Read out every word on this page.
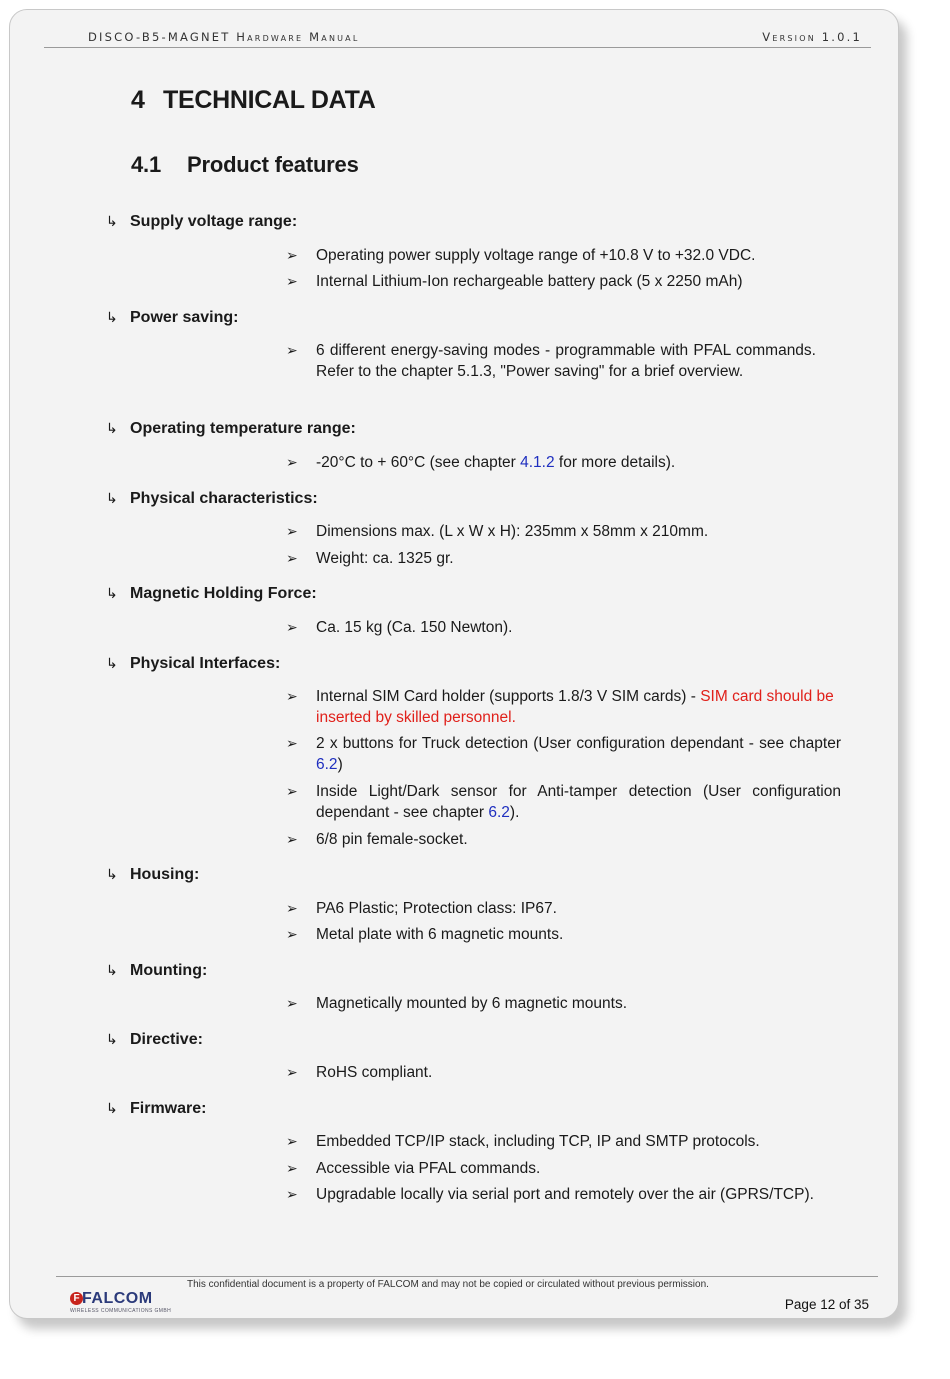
DISCO-B5-MAGNET Hardware Manual	Version 1.0.1
4 TECHNICAL DATA
4.1 Product features
↳ Supply voltage range:
➢ Operating power supply voltage range of +10.8 V to +32.0 VDC.
➢ Internal Lithium-Ion rechargeable battery pack (5 x 2250 mAh)
↳ Power saving:
➢ 6 different energy-saving modes - programmable with PFAL commands. Refer to the chapter 5.1.3, "Power saving" for a brief overview.
↳ Operating temperature range:
➢ -20°C to + 60°C (see chapter 4.1.2 for more details).
↳ Physical characteristics:
➢ Dimensions max. (L x W x H): 235mm x 58mm x 210mm.
➢ Weight: ca. 1325 gr.
↳ Magnetic Holding Force:
➢ Ca. 15 kg (Ca. 150 Newton).
↳ Physical Interfaces:
➢ Internal SIM Card holder (supports 1.8/3 V SIM cards) - SIM card should be inserted by skilled personnel.
➢ 2 x buttons for Truck detection (User configuration dependant - see chapter 6.2)
➢ Inside Light/Dark sensor for Anti-tamper detection (User configuration dependant - see chapter 6.2).
➢ 6/8 pin female-socket.
↳ Housing:
➢ PA6 Plastic; Protection class: IP67.
➢ Metal plate with 6 magnetic mounts.
↳ Mounting:
➢ Magnetically mounted by 6 magnetic mounts.
↳ Directive:
➢ RoHS compliant.
↳ Firmware:
➢ Embedded TCP/IP stack, including TCP, IP and SMTP protocols.
➢ Accessible via PFAL commands.
➢ Upgradable locally via serial port and remotely over the air (GPRS/TCP).
This confidential document is a property of FALCOM and may not be copied or circulated without previous permission.
F FALCOM
WIRELESS COMMUNICATIONS GMBH	Page 12 of 35
